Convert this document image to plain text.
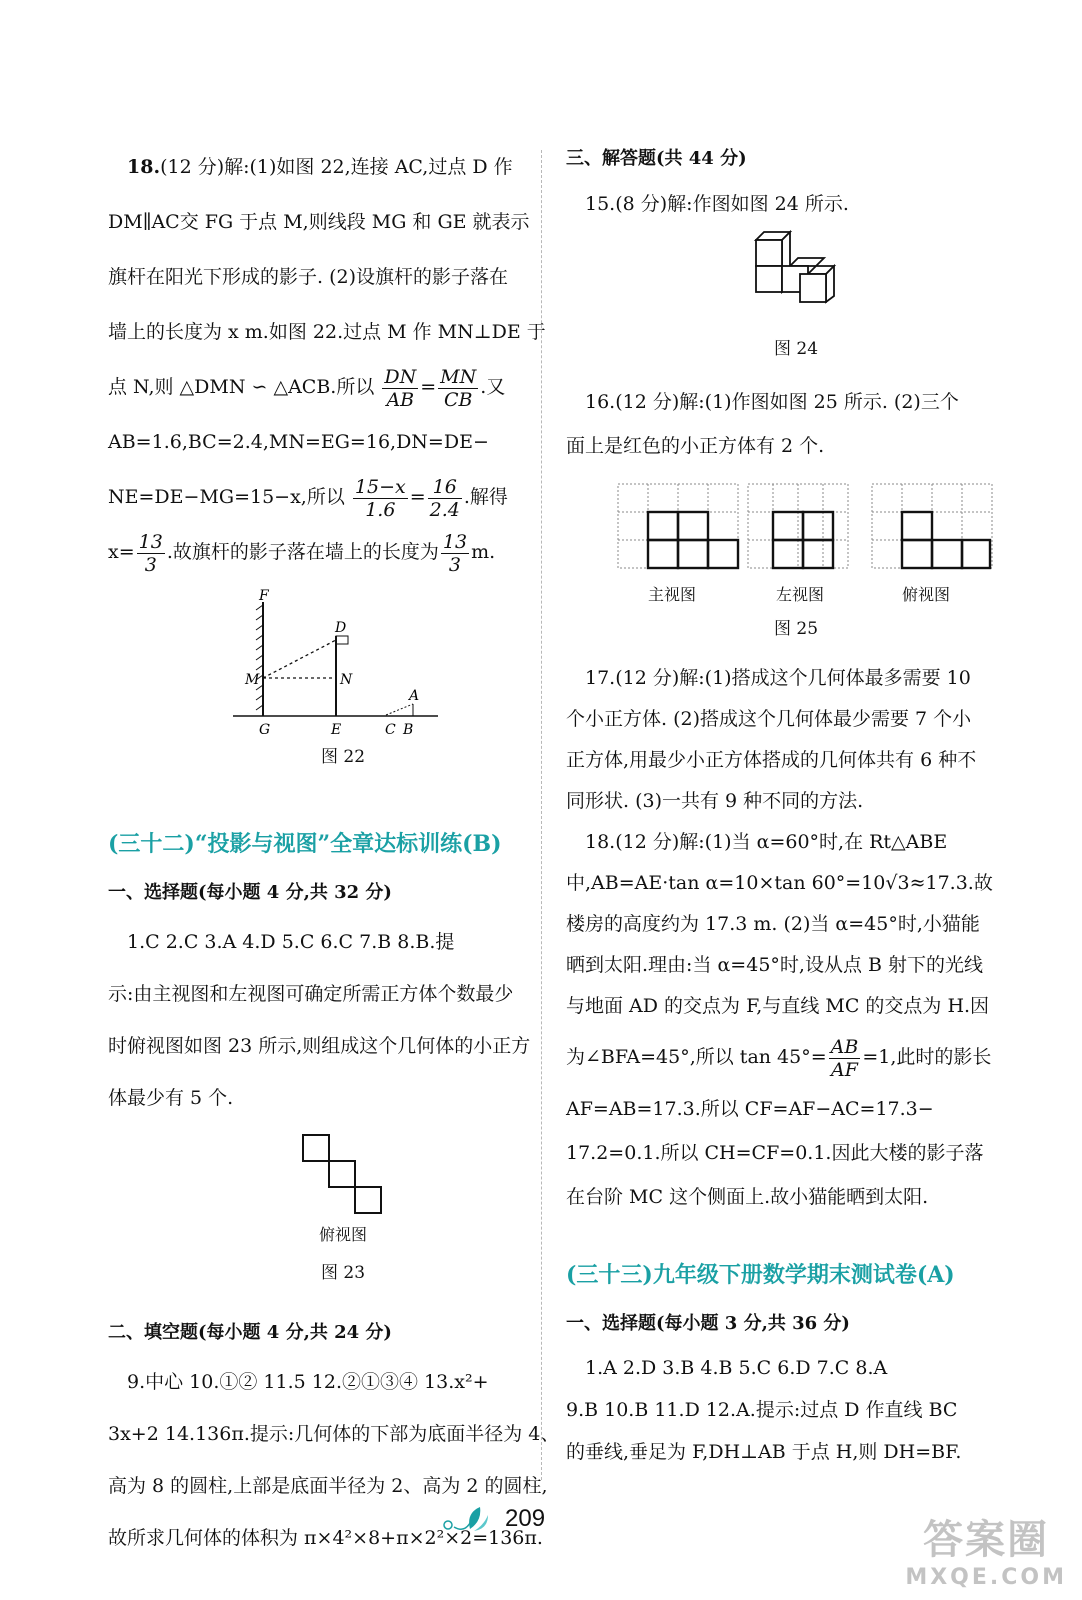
 18.(12 分)解:(1)如图 22,连接 AC,过点 D 作

DM∥AC交 FG 于点 M,则线段 MG 和 GE 就表示

旗杆在阳光下形成的影子. (2)设旗杆的影子落在

墙上的长度为 x m.如图 22.过点 M 作 MN⊥DE 于

点 N,则 △DMN ∽ △ACB.所以 $\frac{DN}{AB} = \frac{MN}{CB}$ .又

AB=1.6,BC=2.4,MN=EG=16,DN=DE−

NE=DE−MG=15−x,所以 $\frac{15-x}{1.6} = \frac{16}{2.4}$ .解得

$x= \frac{13}{3}$ .故旗杆的影子落在墙上的长度为 $\frac{13}{3} m$.

F
D
M	N
A
G	E	C B
图 22
(三十二)“投影与视图”全章达标训练(B)
一、选择题(每小题 4 分,共 32 分)

 1.C 2.C 3.A 4.D 5.C 6.C 7.B 8.B.提

示:由主视图和左视图可确定所需正方体个数最少

时俯视图如图 23 所示,则组成这个几何体的小正方

体最少有 5 个.

俯视图
图 23
二、填空题(每小题 4 分,共 24 分)

 9.中心 10.①② 11.5 12.②①③④ 13.x²+

3x+2 14.136π.提示:几何体的下部为底面半径为 4、

高为 8 的圆柱,上部是底面半径为 2、高为 2 的圆柱,

故所求几何体的体积为 π×4²×8+π×2²×2=136π.

三、解答题(共 44 分)

 15.(8 分)解:作图如图 24 所示.

图 24

 16.(12 分)解:(1)作图如图 25 所示. (2)三个

面上是红色的小正方体有 2 个.

主视图	左视图	俯视图
图 25

 17.(12 分)解:(1)搭成这个几何体最多需要 10

个小正方体. (2)搭成这个几何体最少需要 7 个小

正方体,用最少小正方体搭成的几何体共有 6 种不

同形状. (3)一共有 9 种不同的方法.

 18.(12 分)解:(1)当 α=60°时,在 Rt△ABE

中,AB=AE·tan α=10×tan 60°=10√3≈17.3.故

楼房的高度约为 17.3 m. (2)当 α=45°时,小猫能

晒到太阳.理由:当 α=45°时,设从点 B 射下的光线

与地面 AD 的交点为 F,与直线 MC 的交点为 H.因

为∠BFA=45°,所以 $\tan 45^\circ= \frac{AB}{AF} =1$,此时的影长

AF=AB=17.3.所以 CF=AF−AC=17.3−

17.2=0.1.所以 CH=CF=0.1.因此大楼的影子落

在台阶 MC 这个侧面上.故小猫能晒到太阳.

(三十三)九年级下册数学期末测试卷(A)
一、选择题(每小题 3 分,共 36 分)

 1.A 2.D 3.B 4.B 5.C 6.D 7.C 8.A

9.B 10.B 11.D 12.A.提示:过点 D 作直线 BC

的垂线,垂足为 F,DH⊥AB 于点 H,则 DH=BF.

209	答案圈
MXQE.COM
